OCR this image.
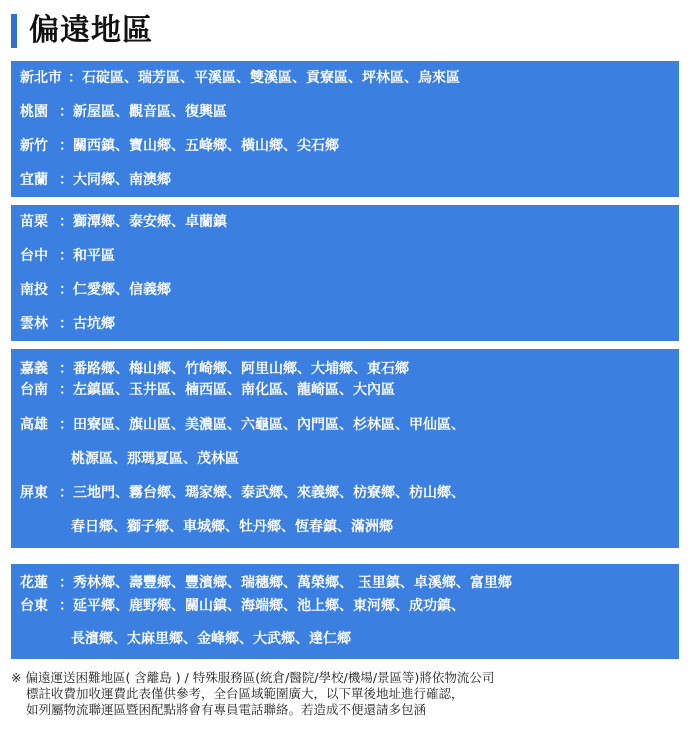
偏遠地區
新北市 ：石碇區、瑞芳區、平溪區、雙溪區、貢寮區、坪林區、烏來區
桃園 ：新屋區、觀音區、復興區
新竹 ：關西鎮、寶山鄉、五峰鄉、橫山鄉、尖石鄉
宜蘭 ：大同鄉、南澳鄉
苗栗 ：獅潭鄉、泰安鄉、卓蘭鎮
台中 ：和平區
南投 ：仁愛鄉、信義鄉
雲林 ：古坑鄉
嘉義 ：番路鄉、梅山鄉、竹崎鄉、阿里山鄉、大埔鄉、東石鄉
台南 ：左鎮區、玉井區、楠西區、南化區、龍崎區、大內區
高雄 ：田寮區、旗山區、美濃區、六龜區、內門區、杉林區、甲仙區、
桃源區、那瑪夏區、茂林區
屏東 ：三地門、霧台鄉、瑪家鄉、泰武鄉、來義鄉、枋寮鄉、枋山鄉、
春日鄉、獅子鄉、車城鄉、牡丹鄉、恆春鎮、滿洲鄉
花蓮 ：秀林鄉、壽豐鄉、豐濱鄉、瑞穗鄉、萬榮鄉、 玉里鎮、卓溪鄉、富里鄉
台東 ：延平鄉、鹿野鄉、關山鎮、海端鄉、池上鄉、東河鄉、成功鎮、
長濱鄉、太麻里鄉、金峰鄉、大武鄉、達仁鄉
※ 偏遠運送困難地區( 含離島 ) / 特殊服務區(統倉/醫院/學校/機場/景區等)將依物流公司
標註收費加收運費此表僅供參考，全台區域範圍廣大，以下單後地址進行確認，
如列屬物流聯運區暨困配點將會有專員電話聯絡。若造成不便還請多包涵
